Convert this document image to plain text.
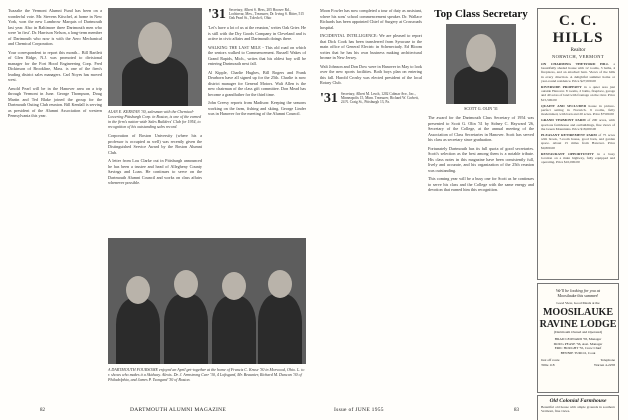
Tuzzalie the Vermont Alumni Fund has been on a wonderful vote. Mr. Stevens Kitschel, at home in New York, won the new Lambrow Marquis of Dartmouth last year. Also in Baltimore three Dartmouth men who were 'in first'. Dr. Harrison Nelson, a long-term member of Dartmouth who now is with the Aero Mechanical and Chemical Corporation.
Your correspondent to report this month... Bill Bartlett of Glen Ridge, N.J. was promoted to divisional manager for the Fort Hood Engineering Corp. Fred Dickinson of Brookline, Mass. is one of the firm's leading district sales managers. Carl Noyes has moved west.
Arnold Pearl will be in the Hanover area on a trip through Vermont in June. George Thompson, Doug Martin and Ted Blake joined the group for the Dartmouth Outing Club reunion. Bill Kendall is serving as president of the Alumni Association of western Pennsylvania this year.
ALAN E. KERSTAN '30, salesman with the Chemical-Lowering Pittsburgh Corp. in Boston, is one of the earned in the firm's nation-wide Sales Builders' Club for 1954, to recognition of his outstanding sales record.
Corporation of Boston University (where his a professor is occupied as well) was recently given the Distinguished Service Award by the Boston Alumni Club.
A letter from Lou Clarke out in Pittsburgh announced he has been a trustee and head of Allegheny County Savings and Loan. He continues to serve on the Dartmouth Alumni Council and works on class affairs whenever possible.
'31 Secretary, Albert S. Hess, 205 Hoosev Rd., Lochinvar, Mex., Treasurer, Dr. Irving S. Bitter, 515 Oak Pearl St., Toledo 6, Ohio
'Let's have a lot of us at the reunion,' writes Oak Grier. He is still with the Dry Goods Company in Cleveland and is active in civic affairs and Dartmouth doings there.
WALKING THE LAST MILE - This old road on which the seniors walked to Commencement. Russell Wakes of Grand Rapids, Mich., writes that his oldest boy will be entering Dartmouth next fall.
Al Kipple, Charlie Hughes, Bill Rogers and Frank Dearborn have all signed up for the 25th. Charlie is now district manager for General Motors. Walt Allen is the new chairman of the class gift committee. Don Mead has become a grandfather for the third time.
John Creesy reports from Madison: Keeping the seasons working on the farm, fishing and skiing. George Linder was in Hanover for the meeting of the Alumni Council.
A DARTMOUTH FOURSOME enjoyed an April get-together at the home of Francis C. Kruse '30 in Morwood, Ohio. L. to r. shows who makes it a Skidway. Alexis. Dr. J. Armstrong Carr '30, 4 Loftsgard, Mr. Beaunier, Richard M. Duncan '30 of Philadelphia, and James P. Tsongard '30 of Boston.
82	DARTMOUTH ALUMNI MAGAZINE
Moon Fowler has now completed a tour of duty as assistant, where his sons' school commencement speaker. Dr. Wallace Richards has been appointed Chief of Surgery at Crossroads hospital.
INCIDENTAL INTELLIGENCE: We are pleased to report that Dick Cook has been transferred from Syracuse to the main office of General Electric in Schenectady. Ed Bloom writes that he has his own business making architectural bronze in New Jersey.
Walt Johnson and Don Dow were in Hanover in May to look over the new sports facilities. Both boys plan on entering this fall. Harold Crosby was elected president of the local Rotary Club.
'31 Secretary, Albert M. Lesch, 1202 Colmar Ave., Inc., Minneapolis 15, Minn. Treasurer, Richard W. Corbett, 24 N. Craig St., Pittsburgh 13, Pa.
Top Class Secretary
SCOTT G. OLIN '31
The award for the Dartmouth Class Secretary of 1954 was presented to Scott G. Olin '31 by Sidney C. Hayward '26, Secretary of the College, at the annual meeting of the Association of Class Secretaries in Hanover. Scott has served his class as secretary since graduation.
Fortunately Dartmouth has its full quota of good secretaries. Scott's selection as the best among them is a notable tribute. His class notes in this magazine have been consistently full, lively and accurate, and his organization of the 25th reunion was outstanding.
This coming year will be a busy one for Scott as he continues to serve his class and the College with the same energy and devotion that earned him this recognition.
C. C. HILLS
Realtor
NORWICH, VERMONT
ON CHARMING THETFORD HILL a beautifully shaded house with 12 rooms, 3 baths, 4 fireplaces, and an attached barn. Views of the hills in every direction. A delightful summer home or year-round residence. Price $27,000.00
RIVERSIDE PROPERTY in a quiet area just outside Hanover. 8 rooms, 2 baths, fireplace, garage and 40 acres of land with frontage on the river. Price $15,500.00
QUAINT AND SECLUDED house in picture-perfect setting in Norwich. 9 rooms, fully modernized, with barn and 20 acres. Price $7500.00
GRAND VERMONT FARM of 200 acres, with spacious farmhouse and outbuildings, fine views of the Green Mountains. Price $18,000.00
PLEASANT RETIREMENT FARM of 75 acres with brook, 7-room house, good barn, and garden space. About 15 miles from Hanover. Price $9,800.00
RESTAURANT OPPORTUNITY in a busy location on a main highway, fully equipped and operating. Price $10,000.00
We'll be looking for you at
Moosilauke this summer!
Good View, Good Meals at the
MOOSILAUKE
RAVINE LODGE
(Dartmouth Owned and Operated)
BRAD LEONARD '58, Manager
DOUG PEASE '56, Asst. Manager
ERIC HOUGHT '55, Crew Chief
BENNIE TURCO, Cook
Just off route	Telephone
Tillie 118	Warren 4-2258
Old Colonial Farmhouse
Beautiful old house with ample grounds in southern Vermont, fine views.
Issue of JUNE 1955	83
